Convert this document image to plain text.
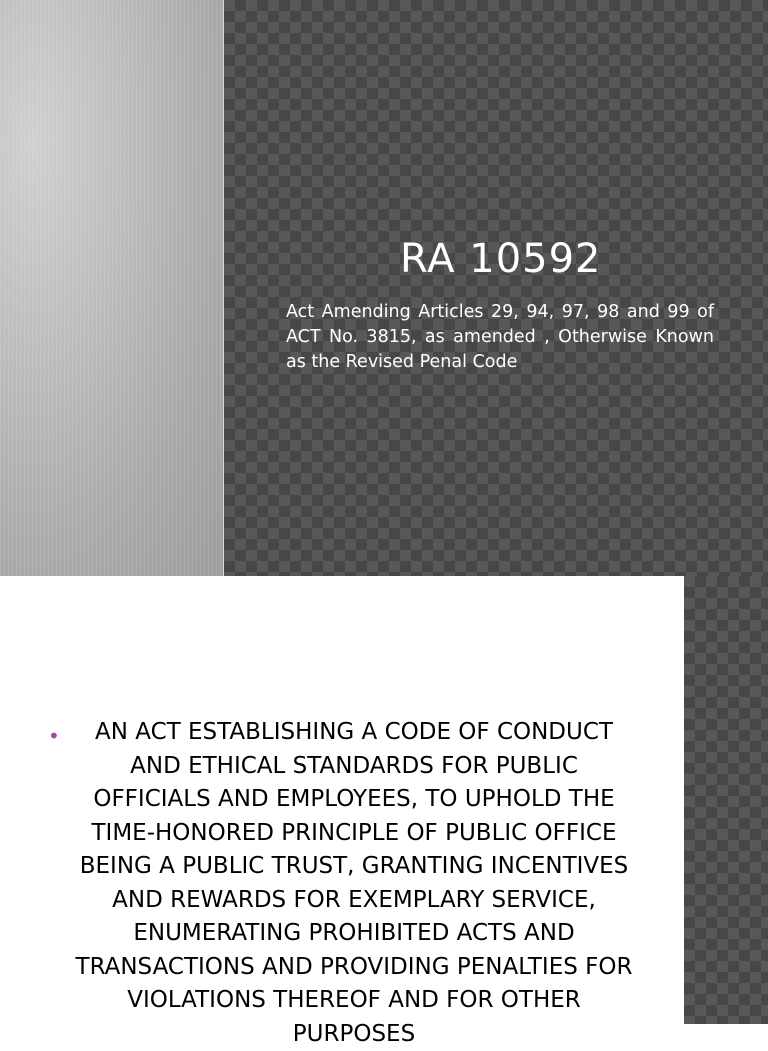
RA 10592
Act Amending Articles 29, 94, 97, 98 and 99 of ACT No. 3815, as amended , Otherwise Known as the Revised Penal Code
•	AN ACT ESTABLISHING A CODE OF CONDUCT AND ETHICAL STANDARDS FOR PUBLIC OFFICIALS AND EMPLOYEES, TO UPHOLD THE TIME-HONORED PRINCIPLE OF PUBLIC OFFICE BEING A PUBLIC TRUST, GRANTING INCENTIVES AND REWARDS FOR EXEMPLARY SERVICE, ENUMERATING PROHIBITED ACTS AND TRANSACTIONS AND PROVIDING PENALTIES FOR VIOLATIONS THEREOF AND FOR OTHER PURPOSES
